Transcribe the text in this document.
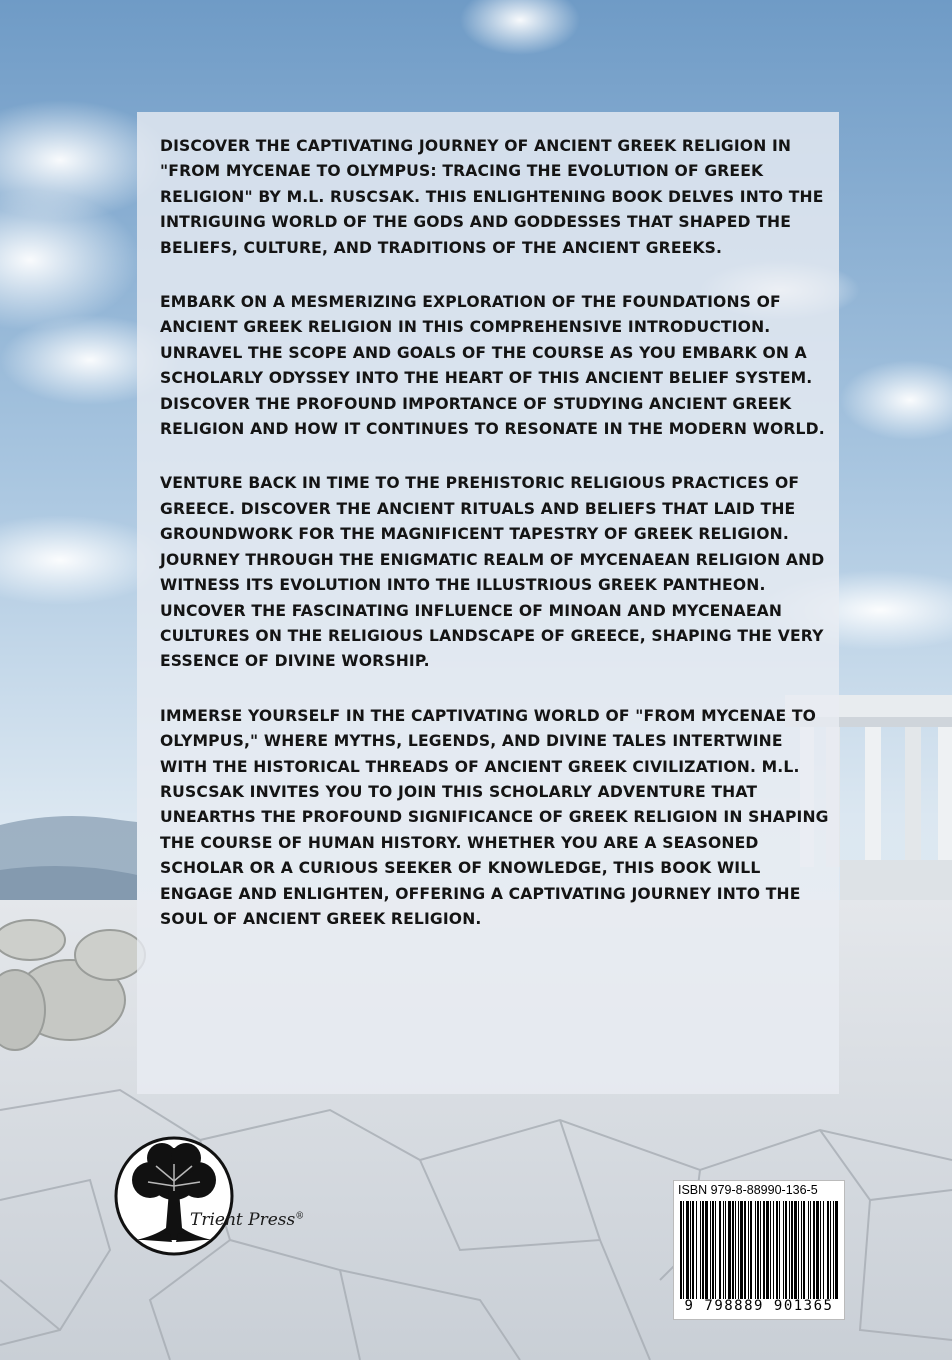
DISCOVER THE CAPTIVATING JOURNEY OF ANCIENT GREEK RELIGION IN "FROM MYCENAE TO OLYMPUS: TRACING THE EVOLUTION OF GREEK RELIGION" BY M.L. RUSCSAK. THIS ENLIGHTENING BOOK DELVES INTO THE INTRIGUING WORLD OF THE GODS AND GODDESSES THAT SHAPED THE BELIEFS, CULTURE, AND TRADITIONS OF THE ANCIENT GREEKS.

EMBARK ON A MESMERIZING EXPLORATION OF THE FOUNDATIONS OF ANCIENT GREEK RELIGION IN THIS COMPREHENSIVE INTRODUCTION. UNRAVEL THE SCOPE AND GOALS OF THE COURSE AS YOU EMBARK ON A SCHOLARLY ODYSSEY INTO THE HEART OF THIS ANCIENT BELIEF SYSTEM. DISCOVER THE PROFOUND IMPORTANCE OF STUDYING ANCIENT GREEK RELIGION AND HOW IT CONTINUES TO RESONATE IN THE MODERN WORLD.

VENTURE BACK IN TIME TO THE PREHISTORIC RELIGIOUS PRACTICES OF GREECE. DISCOVER THE ANCIENT RITUALS AND BELIEFS THAT LAID THE GROUNDWORK FOR THE MAGNIFICENT TAPESTRY OF GREEK RELIGION. JOURNEY THROUGH THE ENIGMATIC REALM OF MYCENAEAN RELIGION AND WITNESS ITS EVOLUTION INTO THE ILLUSTRIOUS GREEK PANTHEON. UNCOVER THE FASCINATING INFLUENCE OF MINOAN AND MYCENAEAN CULTURES ON THE RELIGIOUS LANDSCAPE OF GREECE, SHAPING THE VERY ESSENCE OF DIVINE WORSHIP.

IMMERSE YOURSELF IN THE CAPTIVATING WORLD OF "FROM MYCENAE TO OLYMPUS," WHERE MYTHS, LEGENDS, AND DIVINE TALES INTERTWINE WITH THE HISTORICAL THREADS OF ANCIENT GREEK CIVILIZATION. M.L. RUSCSAK INVITES YOU TO JOIN THIS SCHOLARLY ADVENTURE THAT UNEARTHS THE PROFOUND SIGNIFICANCE OF GREEK RELIGION IN SHAPING THE COURSE OF HUMAN HISTORY. WHETHER YOU ARE A SEASONED SCHOLAR OR A CURIOUS SEEKER OF KNOWLEDGE, THIS BOOK WILL ENGAGE AND ENLIGHTEN, OFFERING A CAPTIVATING JOURNEY INTO THE SOUL OF ANCIENT GREEK RELIGION.

Trient Press®
ISBN 979-8-88990-136-5
9 798889 901365
